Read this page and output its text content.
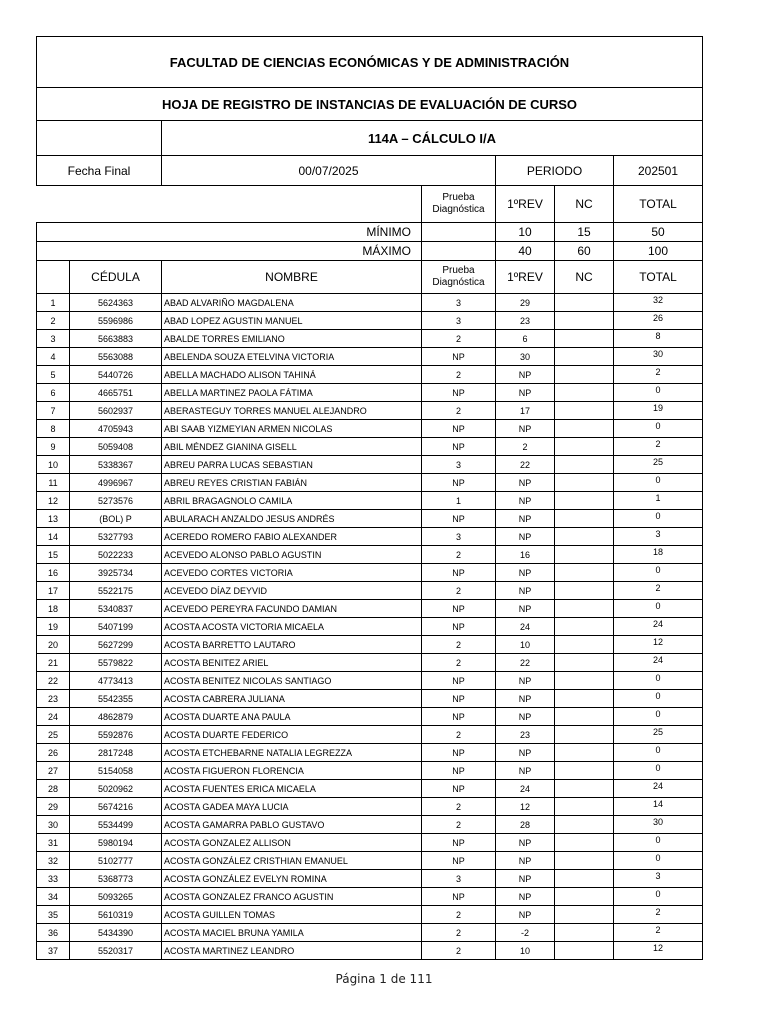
FACULTAD DE CIENCIAS ECONÓMICAS Y DE ADMINISTRACIÓN						
HOJA DE REGISTRO DE INSTANCIAS DE EVALUACIÓN DE CURSO						
		114A – CÁLCULO I/A				
Fecha Final		00/07/2025		PERIODO		202501
			Prueba Diagnóstica	1ºREV	NC	TOTAL
MÍNIMO				10	15	50
MÁXIMO				40	60	100
	CÉDULA	NOMBRE	Prueba Diagnóstica	1ºREV	NC	TOTAL
1	5624363	ABAD ALVARIÑO MAGDALENA	3	29		32
2	5596986	ABAD LOPEZ AGUSTIN MANUEL	3	23		26
3	5663883	ABALDE TORRES EMILIANO	2	6		8
4	5563088	ABELENDA SOUZA ETELVINA VICTORIA	NP	30		30
5	5440726	ABELLA MACHADO ALISON TAHINÁ	2	NP		2
6	4665751	ABELLA MARTINEZ PAOLA FÁTIMA	NP	NP		0
7	5602937	ABERASTEGUY TORRES MANUEL ALEJANDRO	2	17		19
8	4705943	ABI SAAB YIZMEYIAN ARMEN NICOLAS	NP	NP		0
9	5059408	ABIL MÉNDEZ GIANINA GISELL	NP	2		2
10	5338367	ABREU PARRA LUCAS SEBASTIAN	3	22		25
11	4996967	ABREU REYES CRISTIAN FABIÁN	NP	NP		0
12	5273576	ABRIL BRAGAGNOLO CAMILA	1	NP		1
13	(BOL) P	ABULARACH ANZALDO JESUS ANDRÉS	NP	NP		0
14	5327793	ACEREDO ROMERO FABIO ALEXANDER	3	NP		3
15	5022233	ACEVEDO ALONSO PABLO AGUSTIN	2	16		18
16	3925734	ACEVEDO CORTES VICTORIA	NP	NP		0
17	5522175	ACEVEDO DÍAZ DEYVID	2	NP		2
18	5340837	ACEVEDO PEREYRA FACUNDO DAMIAN	NP	NP		0
19	5407199	ACOSTA ACOSTA VICTORIA MICAELA	NP	24		24
20	5627299	ACOSTA BARRETTO LAUTARO	2	10		12
21	5579822	ACOSTA BENITEZ ARIEL	2	22		24
22	4773413	ACOSTA BENITEZ NICOLAS SANTIAGO	NP	NP		0
23	5542355	ACOSTA CABRERA JULIANA	NP	NP		0
24	4862879	ACOSTA DUARTE ANA PAULA	NP	NP		0
25	5592876	ACOSTA DUARTE FEDERICO	2	23		25
26	2817248	ACOSTA ETCHEBARNE NATALIA LEGREZZA	NP	NP		0
27	5154058	ACOSTA FIGUERON FLORENCIA	NP	NP		0
28	5020962	ACOSTA FUENTES ERICA MICAELA	NP	24		24
29	5674216	ACOSTA GADEA MAYA LUCIA	2	12		14
30	5534499	ACOSTA GAMARRA PABLO GUSTAVO	2	28		30
31	5980194	ACOSTA GONZALEZ ALLISON	NP	NP		0
32	5102777	ACOSTA GONZÁLEZ CRISTHIAN EMANUEL	NP	NP		0
33	5368773	ACOSTA GONZÁLEZ EVELYN ROMINA	3	NP		3
34	5093265	ACOSTA GONZALEZ FRANCO AGUSTIN	NP	NP		0
35	5610319	ACOSTA GUILLEN TOMAS	2	NP		2
36	5434390	ACOSTA MACIEL BRUNA YAMILA	2	-2		2
37	5520317	ACOSTA MARTINEZ LEANDRO	2	10		12
Página 1 de 111
